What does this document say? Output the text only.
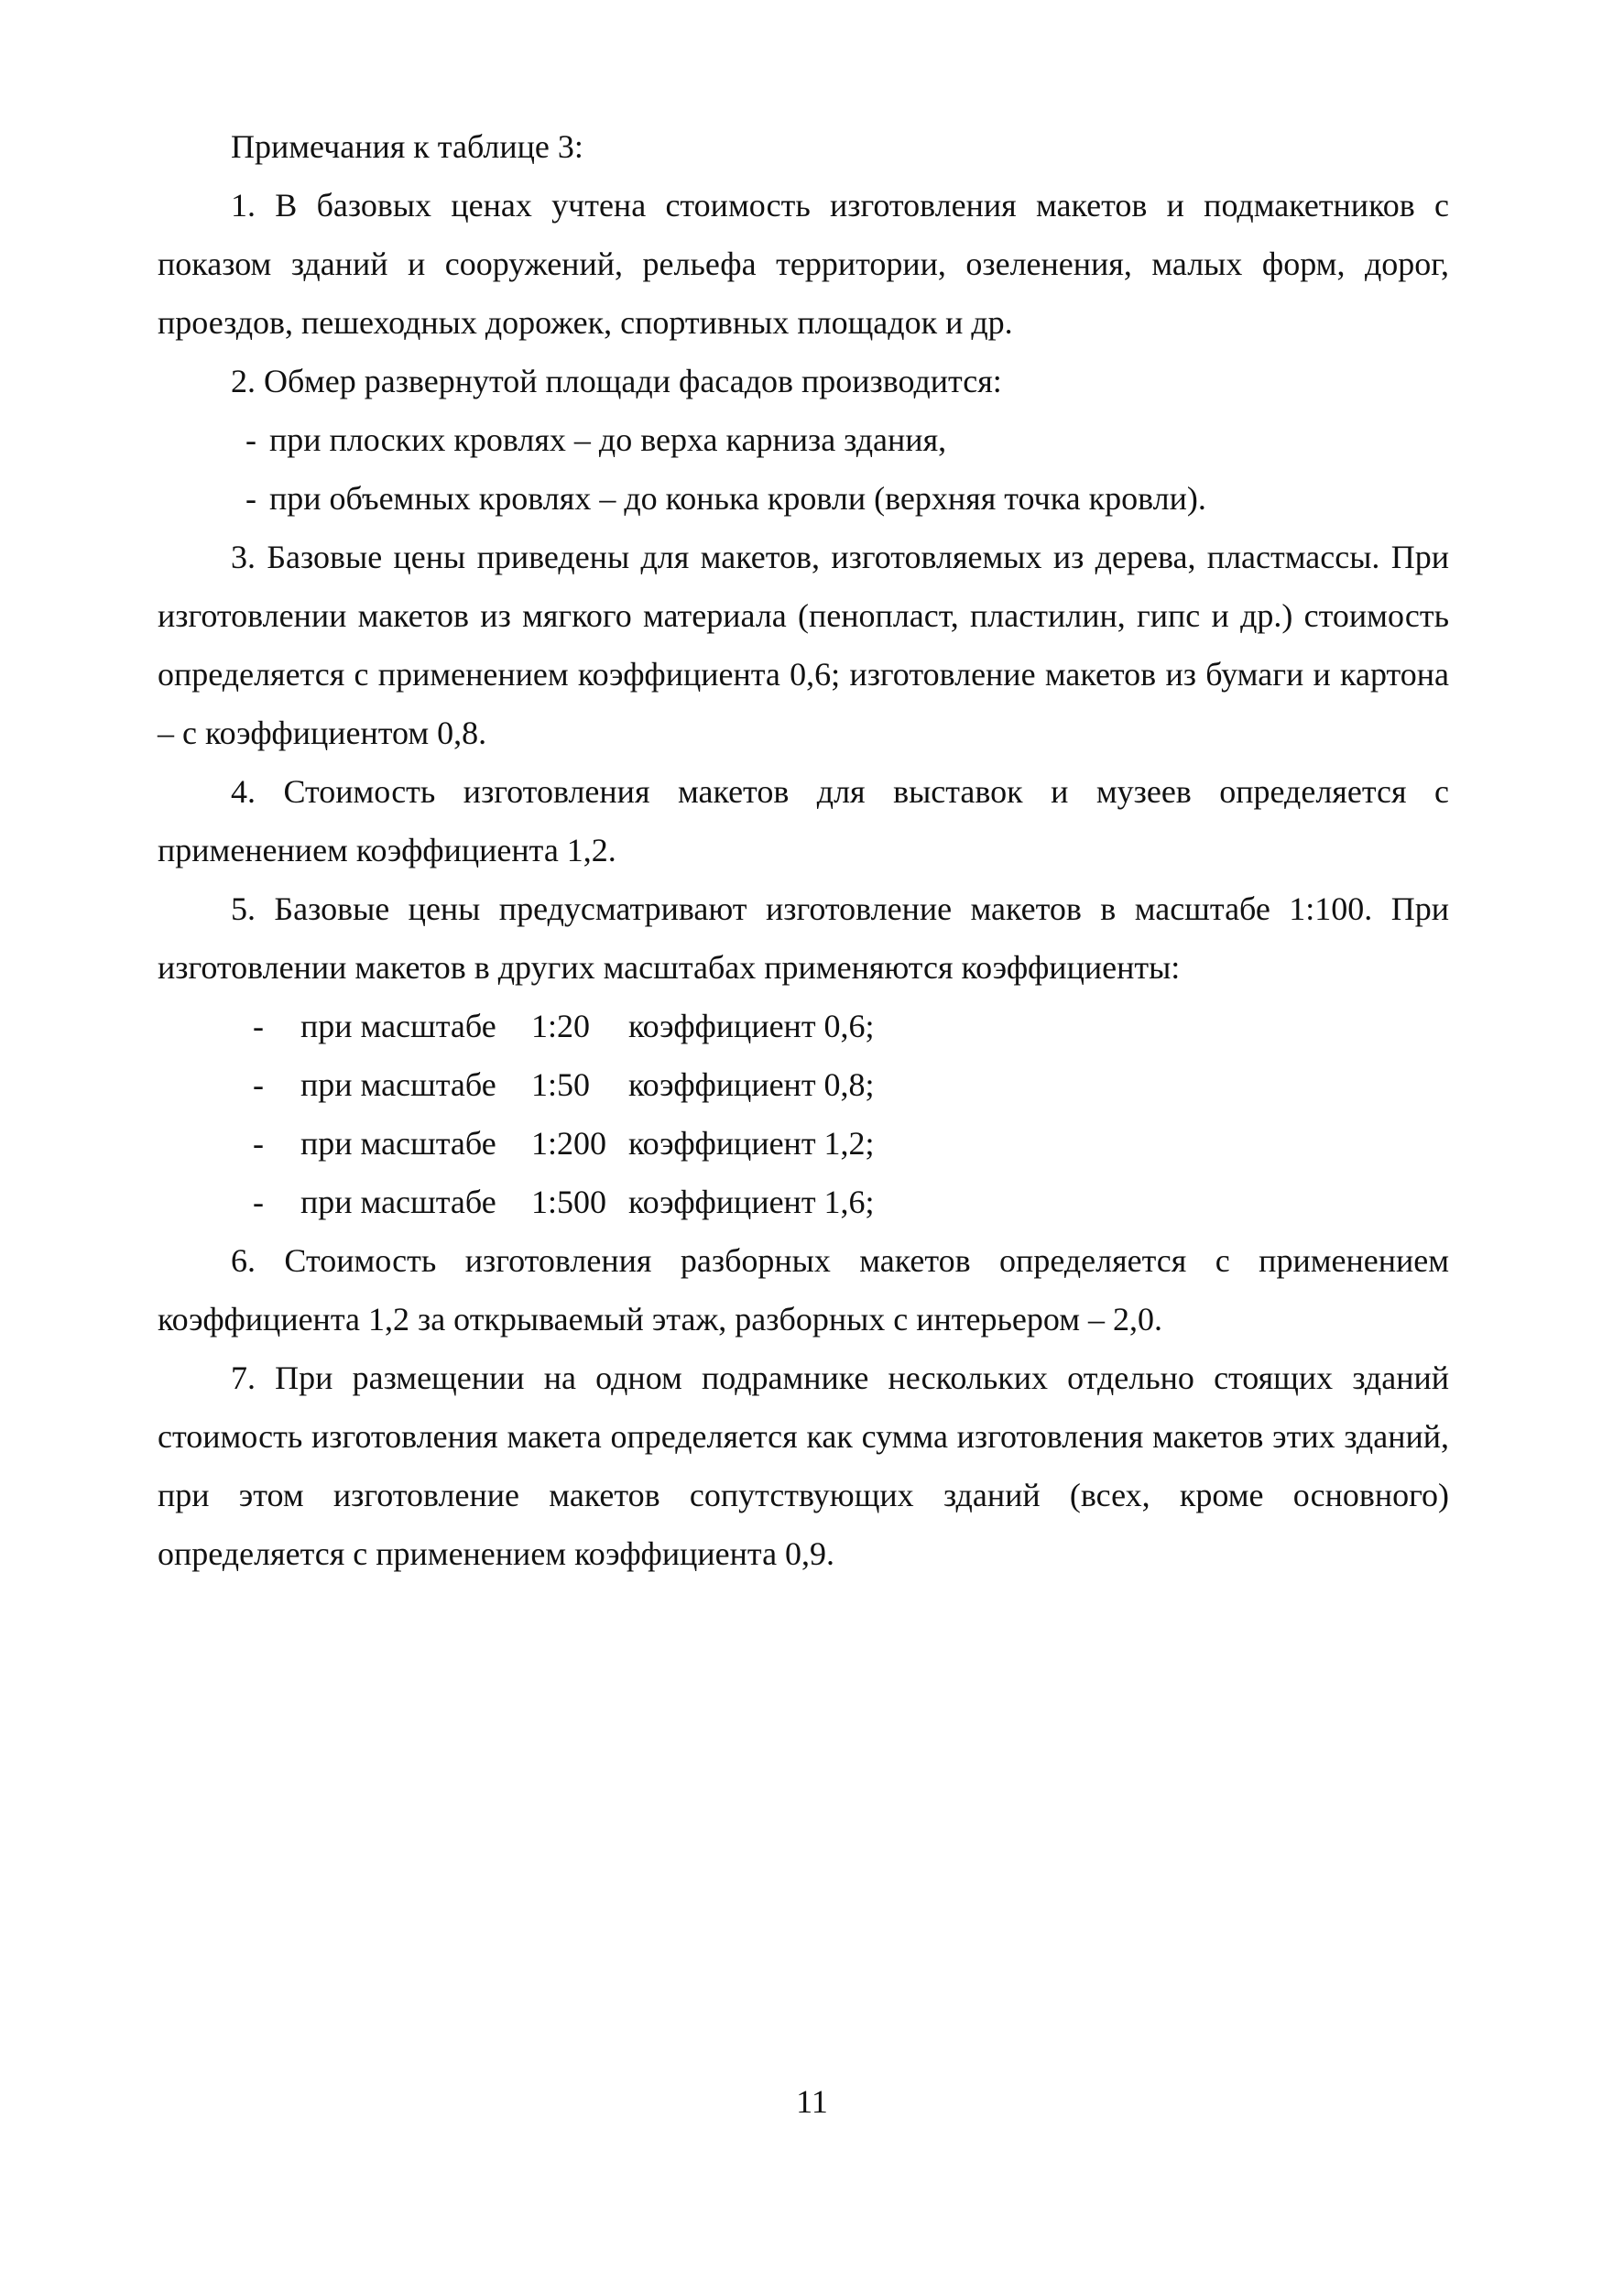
Примечания к таблице 3:

1. В базовых ценах учтена стоимость изготовления макетов и подмакетников с показом зданий и сооружений, рельефа территории, озеленения, малых форм, дорог, проездов, пешеходных дорожек, спортивных площадок и др.

2. Обмер развернутой площади фасадов производится:

- при плоских кровлях – до верха карниза здания,
- при объемных кровлях – до конька кровли (верхняя точка кровли).

3. Базовые цены приведены для макетов, изготовляемых из дерева, пластмассы. При изготовлении макетов из мягкого материала (пенопласт, пластилин, гипс и др.) стоимость определяется с применением коэффициента 0,6; изготовление макетов из бумаги и картона – с коэффициентом 0,8.

4. Стоимость изготовления макетов для выставок и музеев определяется с применением коэффициента 1,2.

5. Базовые цены предусматривают изготовление макетов в масштабе 1:100. При изготовлении макетов в других масштабах применяются коэффициенты:

-	при масштабе	1:20	коэффициент 0,6;
-	при масштабе	1:50	коэффициент 0,8;
-	при масштабе	1:200 коэффициент 1,2;
-	при масштабе	1:500 коэффициент 1,6;

6. Стоимость изготовления разборных макетов определяется с применением коэффициента 1,2 за открываемый этаж, разборных с интерьером – 2,0.

7. При размещении на одном подрамнике нескольких отдельно стоящих зданий стоимость изготовления макета определяется как сумма изготовления макетов этих зданий, при этом изготовление макетов сопутствующих зданий (всех, кроме основного) определяется с применением коэффициента 0,9.

11
